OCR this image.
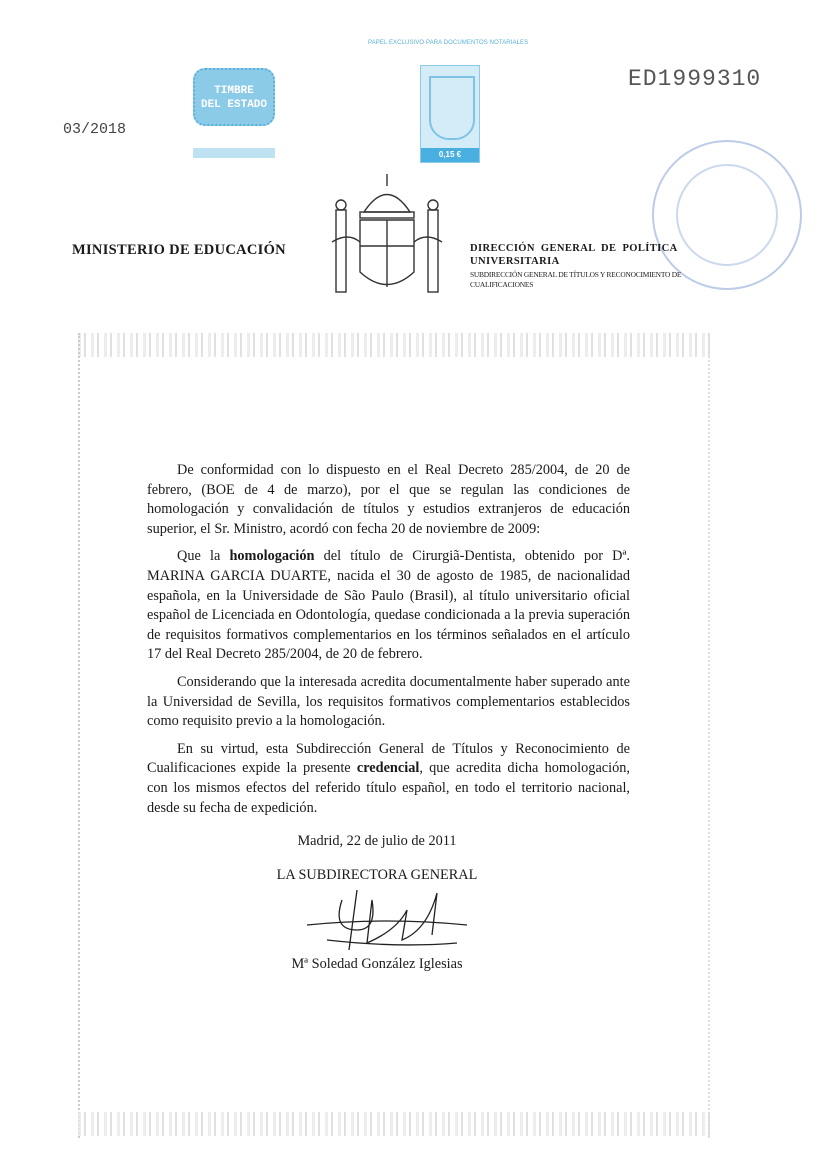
PAPEL EXCLUSIVO PARA DOCUMENTOS NOTARIALES
TIMBRE
DEL ESTADO
0,15 €
ED1999310
03/2018
MINISTERIO DE EDUCACIÓN	DIRECCIÓN GENERAL DE POLÍTICA UNIVERSITARIA
SUBDIRECCIÓN GENERAL DE TÍTULOS Y RECONOCIMIENTO DE CUALIFICACIONES

De conformidad con lo dispuesto en el Real Decreto 285/2004, de 20 de febrero, (BOE de 4 de marzo), por el que se regulan las condiciones de homologación y convalidación de títulos y estudios extranjeros de educación superior, el Sr. Ministro, acordó con fecha 20 de noviembre de 2009:

Que la homologación del título de Cirurgiã-Dentista, obtenido por Dª. MARINA GARCIA DUARTE, nacida el 30 de agosto de 1985, de nacionalidad española, en la Universidade de São Paulo (Brasil), al título universitario oficial español de Licenciada en Odontología, quedase condicionada a la previa superación de requisitos formativos complementarios en los términos señalados en el artículo 17 del Real Decreto 285/2004, de 20 de febrero.

Considerando que la interesada acredita documentalmente haber superado ante la Universidad de Sevilla, los requisitos formativos complementarios establecidos como requisito previo a la homologación.

En su virtud, esta Subdirección General de Títulos y Reconocimiento de Cualificaciones expide la presente credencial, que acredita dicha homologación, con los mismos efectos del referido título español, en todo el territorio nacional, desde su fecha de expedición.

Madrid, 22 de julio de 2011
LA SUBDIRECTORA GENERAL
Mª Soledad González Iglesias
